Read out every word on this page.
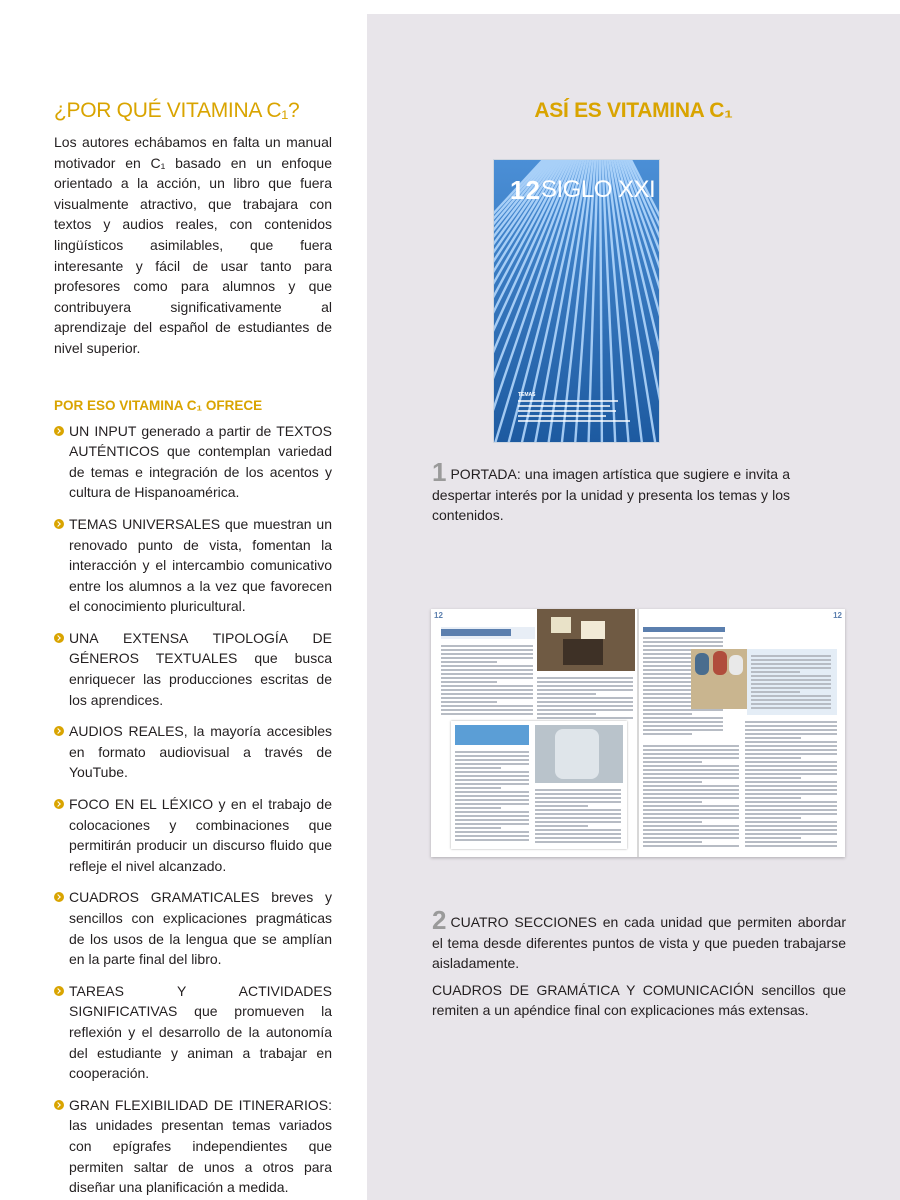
¿POR QUÉ VITAMINA C₁?

Los autores echábamos en falta un manual motivador en C₁ basado en un enfoque orientado a la acción, un libro que fuera visualmente atractivo, que trabajara con textos y audios reales, con contenidos lingüísticos asimilables, que fuera interesante y fácil de usar tanto para profesores como para alumnos y que contribuyera significativamente al aprendizaje del español de estudiantes de nivel superior.

POR ESO VITAMINA C₁ OFRECE
UN INPUT generado a partir de TEXTOS AUTÉNTICOS que contemplan variedad de temas e integración de los acentos y cultura de Hispanoamérica.
TEMAS UNIVERSALES que muestran un renovado punto de vista, fomentan la interacción y el intercambio comunicativo entre los alumnos a la vez que favorecen el conocimiento pluricultural.
UNA EXTENSA TIPOLOGÍA DE GÉNEROS TEXTUALES que busca enriquecer las producciones escritas de los aprendices.
AUDIOS REALES, la mayoría accesibles en formato audiovisual a través de YouTube.
FOCO EN EL LÉXICO y en el trabajo de colocaciones y combinaciones que permitirán producir un discurso fluido que refleje el nivel alcanzado.
CUADROS GRAMATICALES breves y sencillos con explicaciones pragmáticas de los usos de la lengua que se amplían en la parte final del libro.
TAREAS Y ACTIVIDADES SIGNIFICATIVAS que promueven la reflexión y el desarrollo de la autonomía del estudiante y animan a trabajar en cooperación.
GRAN FLEXIBILIDAD DE ITINERARIOS: las unidades presentan temas variados con epígrafes independientes que permiten saltar de unos a otros para diseñar una planificación a medida.
ASÍ ES VITAMINA C₁
12 SIGLO XXI
TEMAS

1 PORTADA: una imagen artística que sugiere e invita a despertar interés por la unidad y presenta los temas y los contenidos.

12	12

2 CUATRO SECCIONES en cada unidad que permiten abordar el tema desde diferentes puntos de vista y que pueden trabajarse aisladamente.

CUADROS DE GRAMÁTICA Y COMUNICACIÓN sencillos que remiten a un apéndice final con explicaciones más extensas.
